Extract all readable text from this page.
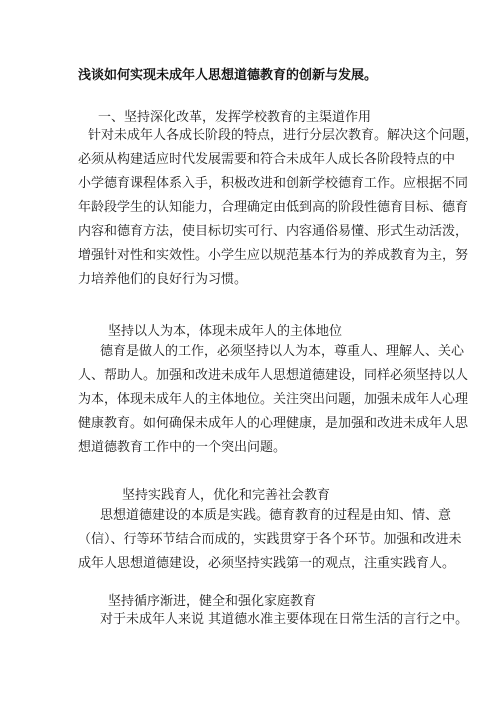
浅谈如何实现未成年人思想道德教育的创新与发展。
一、坚持深化改革，发挥学校教育的主渠道作用
针对未成年人各成长阶段的特点，进行分层次教育。解决这个问题，
必须从构建适应时代发展需要和符合未成年人成长各阶段特点的中
小学德育课程体系入手，积极改进和创新学校德育工作。应根据不同
年龄段学生的认知能力，合理确定由低到高的阶段性德育目标、德育
内容和德育方法，使目标切实可行、内容通俗易懂、形式生动活泼，
增强针对性和实效性。小学生应以规范基本行为的养成教育为主，努
力培养他们的良好行为习惯。
坚持以人为本，体现未成年人的主体地位
德育是做人的工作，必须坚持以人为本，尊重人、理解人、关心
人、帮助人。加强和改进未成年人思想道德建设，同样必须坚持以人
为本，体现未成年人的主体地位。关注突出问题，加强未成年人心理
健康教育。如何确保未成年人的心理健康，是加强和改进未成年人思
想道德教育工作中的一个突出问题。
坚持实践育人，优化和完善社会教育
思想道德建设的本质是实践。德育教育的过程是由知、情、意
（信）、行等环节结合而成的，实践贯穿于各个环节。加强和改进未
成年人思想道德建设，必须坚持实践第一的观点，注重实践育人。
坚持循序渐进，健全和强化家庭教育
对于未成年人来说 其道德水准主要体现在日常生活的言行之中。
